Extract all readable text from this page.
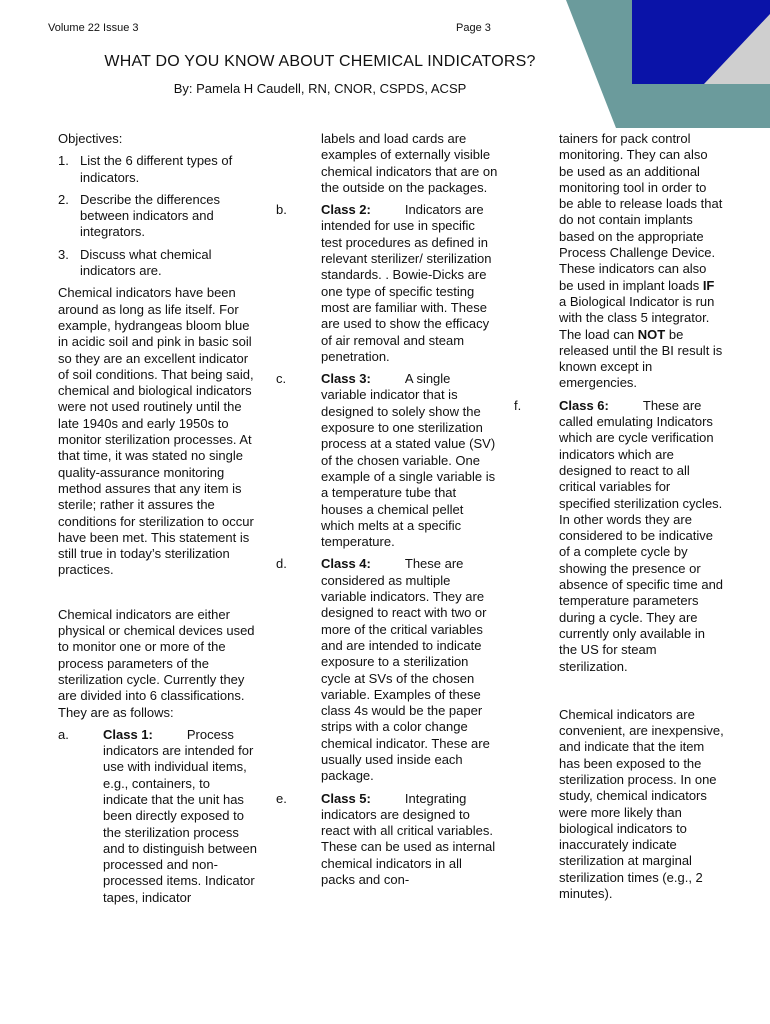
Volume 22 Issue 3	Page 3
WHAT DO YOU KNOW ABOUT CHEMICAL INDICATORS?
By: Pamela H Caudell, RN, CNOR, CSPDS, ACSP

Objectives:

1. List the 6 different types of indicators.
2. Describe the differences between indicators and integrators.
3. Discuss what chemical indicators are.

Chemical indicators have been around as long as life itself. For example, hydrangeas bloom blue in acidic soil and pink in basic soil so they are an excellent indicator of soil conditions. That being said, chemical and biological indicators were not used routinely until the late 1940s and early 1950s to monitor sterilization processes. At that time, it was stated no single quality-assurance monitoring method assures that any item is sterile; rather it assures the conditions for sterilization to occur have been met. This statement is still true in today’s sterilization practices.

Chemical indicators are either physical or chemical devices used to monitor one or more of the process parameters of the sterilization cycle. Currently they are divided into 6 classifications. They are as follows:

a.	Class 1:	Process indicators are intended for use with individual items, e.g., containers, to indicate that the unit has been directly exposed to the sterilization process and to distinguish between processed and non-processed items. Indicator tapes, indicator
labels and load cards are examples of externally visible chemical indicators that are on the outside on the packages.
b.	Class 2:	Indicators are intended for use in specific test procedures as defined in relevant sterilizer/ sterilization standards. . Bowie-Dicks are one type of specific testing most are familiar with. These are used to show the efficacy of air removal and steam penetration.
c.	Class 3:	A single variable indicator that is designed to solely show the exposure to one sterilization process at a stated value (SV) of the chosen variable. One example of a single variable is a temperature tube that houses a chemical pellet which melts at a specific temperature.
d.	Class 4:	These are considered as multiple variable indicators. They are designed to react with two or more of the critical variables and are intended to indicate exposure to a sterilization cycle at SVs of the chosen variable. Examples of these class 4s would be the paper strips with a color change chemical indicator. These are usually used inside each package.
e.	Class 5:	Integrating indicators are designed to react with all critical variables. These can be used as internal chemical indicators in all packs and con-
tainers for pack control monitoring. They can also be used as an additional monitoring tool in order to be able to release loads that do not contain implants based on the appropriate Process Challenge Device. These indicators can also be used in implant loads IF a Biological Indicator is run with the class 5 integrator. The load can NOT be released until the BI result is known except in emergencies.
f.	Class 6:	These are called emulating Indicators which are cycle verification indicators which are designed to react to all critical variables for specified sterilization cycles. In other words they are considered to be indicative of a complete cycle by showing the presence or absence of specific time and temperature parameters during a cycle. They are currently only available in the US for steam sterilization.
Chemical indicators are convenient, are inexpensive, and indicate that the item has been exposed to the sterilization process. In one study, chemical indicators were more likely than biological indicators to inaccurately indicate sterilization at marginal sterilization times (e.g., 2 minutes).
